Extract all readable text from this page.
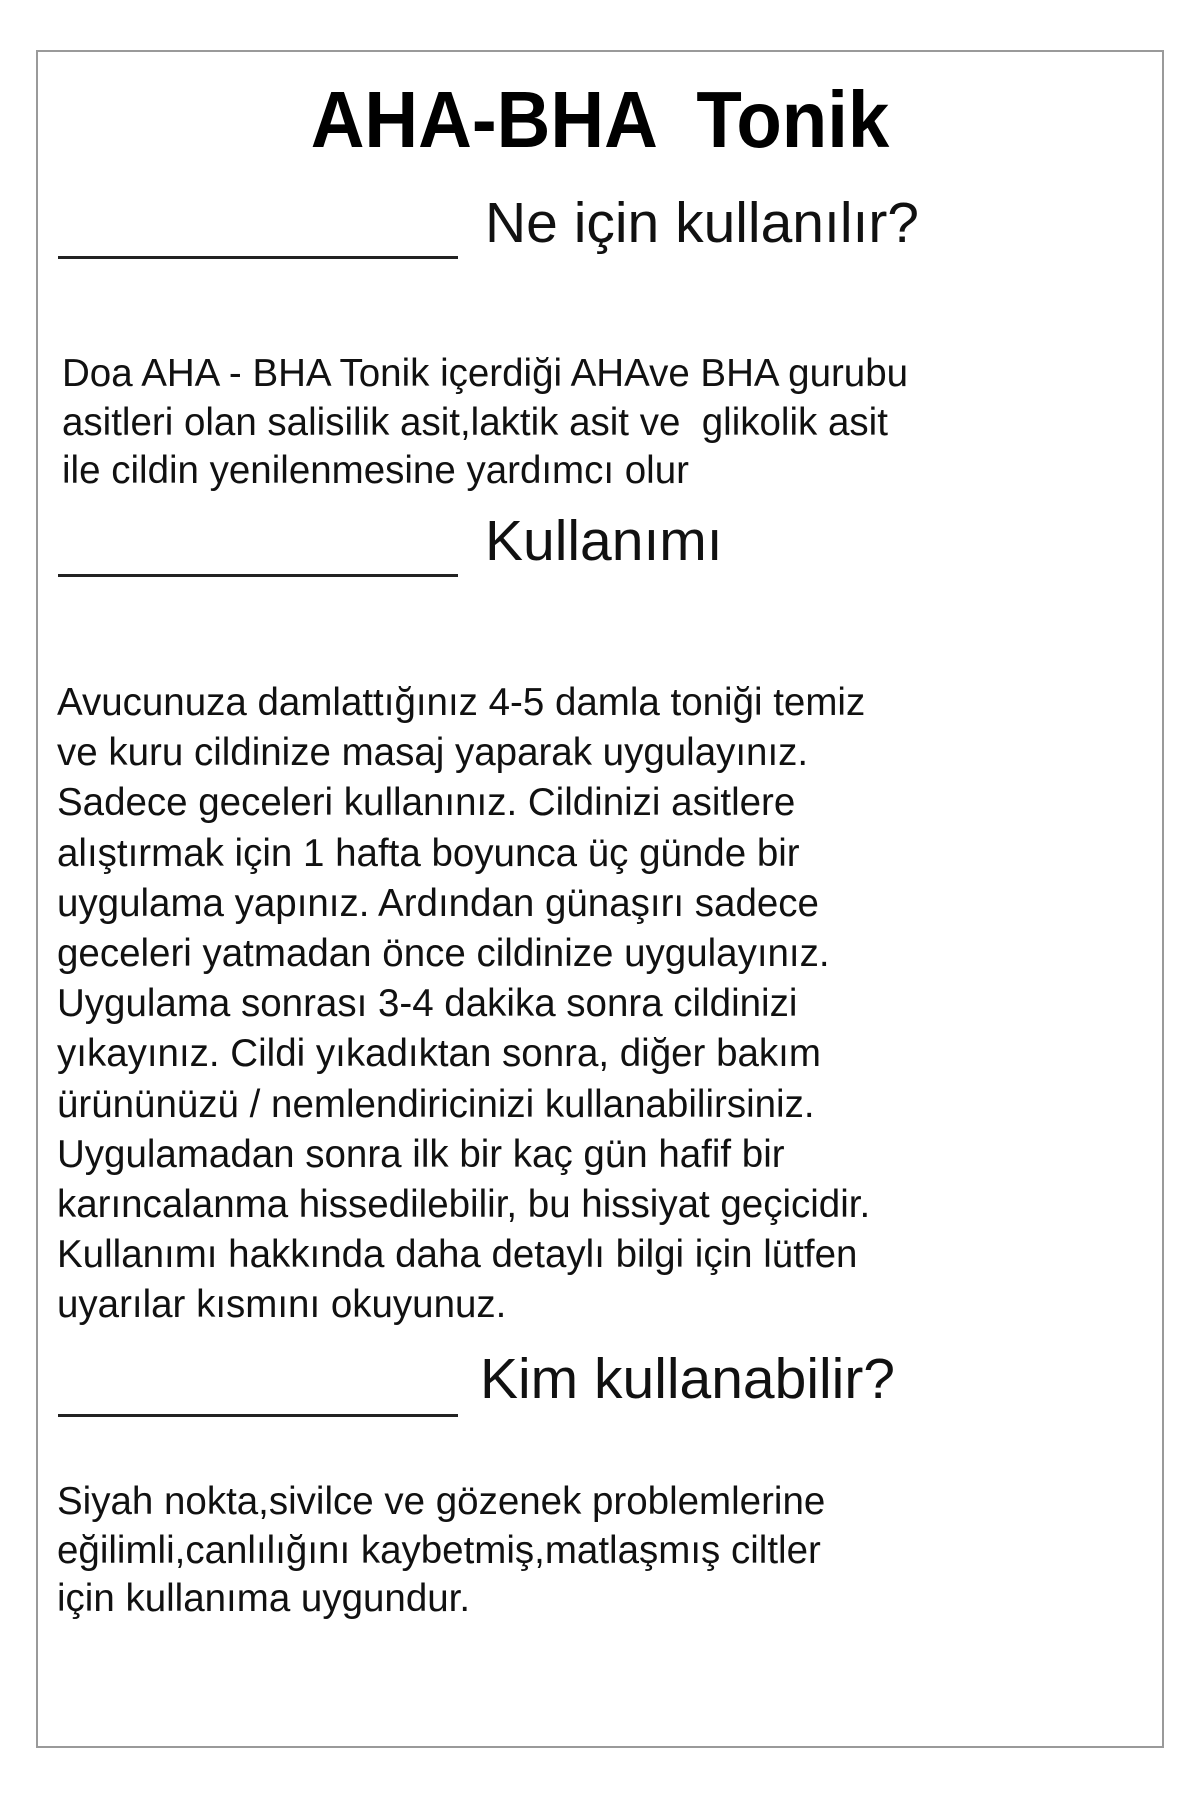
AHA-BHA  Tonik
Ne için kullanılır?
Doa AHA - BHA Tonik içerdiği AHAve BHA gurubu
asitleri olan salisilik asit,laktik asit ve  glikolik asit
ile cildin yenilenmesine yardımcı olur
Kullanımı
Avucunuza damlattığınız 4-5 damla toniği temiz
ve kuru cildinize masaj yaparak uygulayınız.
Sadece geceleri kullanınız. Cildinizi asitlere
alıştırmak için 1 hafta boyunca üç günde bir
uygulama yapınız. Ardından günaşırı sadece
geceleri yatmadan önce cildinize uygulayınız.
Uygulama sonrası 3-4 dakika sonra cildinizi
yıkayınız. Cildi yıkadıktan sonra, diğer bakım
ürününüzü / nemlendiricinizi kullanabilirsiniz.
Uygulamadan sonra ilk bir kaç gün hafif bir
karıncalanma hissedilebilir, bu hissiyat geçicidir.
Kullanımı hakkında daha detaylı bilgi için lütfen
uyarılar kısmını okuyunuz.
Kim kullanabilir?
Siyah nokta,sivilce ve gözenek problemlerine
eğilimli,canlılığını kaybetmiş,matlaşmış ciltler
için kullanıma uygundur.
